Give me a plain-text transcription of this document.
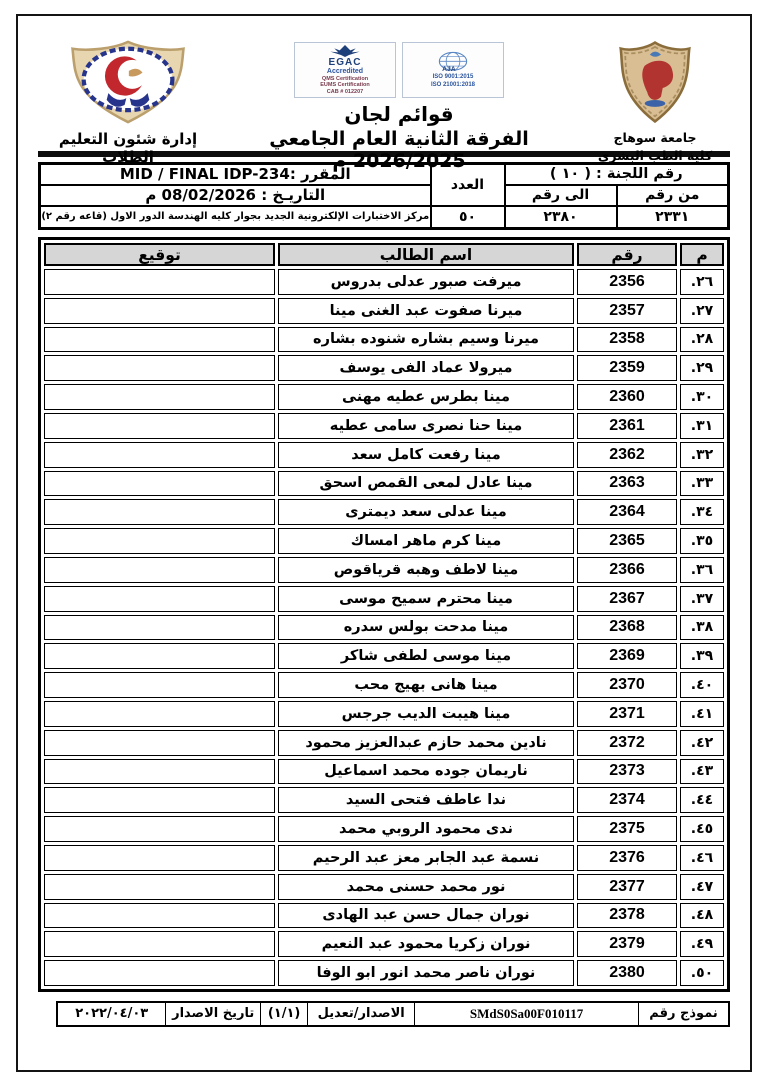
جامعة سوهاج
كلية الطب البشرى
EGAC
Accredited
QMS Certification
EUMS Certification
CAB # 012207
AJA
ISO 9001:2015
ISO 21001:2018
قوائم لجان
الفرقة الثانية العام الجامعي 2026/2025 م
إدارة شئون التعليم الطلاب
رقم اللجنة : ( ١٠ )		العدد	المقرر :MID / FINAL IDP-234
من رقم	الى رقم		التاريـخ : 08/02/2026 م
٢٣٣١	٢٣٨٠	٥٠	مركز الاختبارات الإلكترونية الجديد بجوار كليه الهندسة الدور الاول (قاعه رقم ٢)
م	رقم	اسم الطالب	توقيع
٢٦.	2356	ميرفت صبور عدلى بدروس	
٢٧.	2357	ميرنا صفوت عبد الغنى مينا	
٢٨.	2358	ميرنا وسيم بشاره شنوده بشاره	
٢٩.	2359	ميرولا عماد الفى يوسف	
٣٠.	2360	مينا بطرس عطيه مهنى	
٣١.	2361	مينا حنا نصرى سامى عطيه	
٣٢.	2362	مينا رفعت كامل سعد	
٣٣.	2363	مينا عادل لمعى القمص اسحق	
٣٤.	2364	مينا عدلى سعد ديمترى	
٣٥.	2365	مينا كرم ماهر امساك	
٣٦.	2366	مينا لاطف وهبه قرياقوص	
٣٧.	2367	مينا محترم سميح موسى	
٣٨.	2368	مينا مدحت بولس سدره	
٣٩.	2369	مينا موسى لطفى شاكر	
٤٠.	2370	مينا هانى بهيج محب	
٤١.	2371	مينا هيبت الديب جرجس	
٤٢.	2372	نادين محمد حازم عبدالعزيز محمود	
٤٣.	2373	ناريمان جوده محمد اسماعيل	
٤٤.	2374	ندا عاطف فتحى السيد	
٤٥.	2375	ندى محمود الروبي محمد	
٤٦.	2376	نسمة عبد الجابر معز عبد الرحيم	
٤٧.	2377	نور محمد حسنى محمد	
٤٨.	2378	نوران جمال حسن عبد الهادى	
٤٩.	2379	نوران زكريا محمود عبد النعيم	
٥٠.	2380	نوران ناصر محمد انور ابو الوفا	
نموذج رقم	SMdS0Sa00F010117	الاصدار/تعديل	(١/١)	تاريخ الاصدار	٢٠٢٢/٠٤/٠٣
